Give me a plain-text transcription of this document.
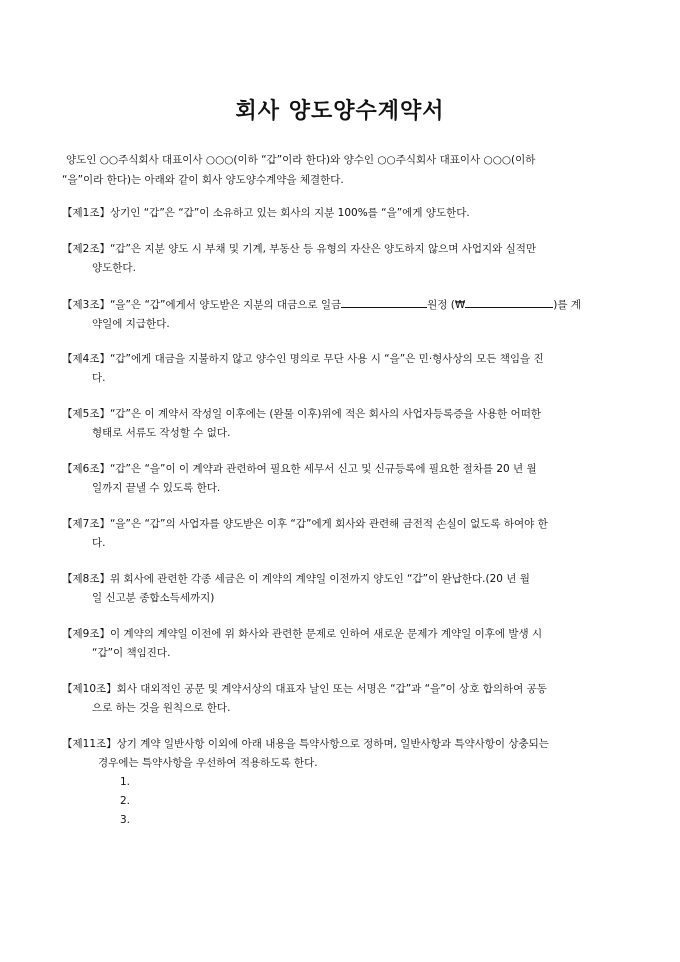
회사 양도양수계약서
양도인 ○○주식회사 대표이사 ○○○(이하 “갑”이라 한다)와 양수인 ○○주식회사 대표이사 ○○○(이하
“을”이라 한다)는 아래와 같이 회사 양도양수계약을 체결한다.
【제1조】상기인 “갑”은 “갑”이 소유하고 있는 회사의 지분 100%를 “을”에게 양도한다.
【제2조】“갑”은 지분 양도 시 부채 및 기계, 부동산 등 유형의 자산은 양도하지 않으며 사업지와 실적만
양도한다.
【제3조】“을”은 “갑”에게서 양도받은 지분의 대금으로 일금	원정 (₩	)를 계
약일에 지급한다.
【제4조】“갑”에게 대금을 지불하지 않고 양수인 명의로 무단 사용 시 “을”은 민·형사상의 모든 책임을 진
다.
【제5조】“갑”은 이 계약서 작성일 이후에는 (완물 이후)위에 적은 회사의 사업자등록증을 사용한 어떠한
형태로 서류도 작성할 수 없다.
【제6조】“갑”은 “을”이 이 계약과 관련하여 필요한 세무서 신고 및 신규등록에 필요한 절차를 20 년 월
일까지 끝낼 수 있도록 한다.
【제7조】“을”은 “갑”의 사업자를 양도받은 이후 “갑”에게 회사와 관련해 금전적 손실이 없도록 하여야 한
다.
【제8조】위 회사에 관련한 각종 세금은 이 계약의 계약일 이전까지 양도인 “갑”이 완납한다.(20 년 월
일 신고분 종합소득세까지)
【제9조】이 계약의 계약일 이전에 위 화사와 관련한 문제로 인하여 새로운 문제가 계약일 이후에 발생 시
“갑”이 책임진다.
【제10조】회사 대외적인 공문 및 계약서상의 대표자 날인 또는 서명은 “갑”과 “을”이 상호 합의하여 공동
으로 하는 것을 원칙으로 한다.
【제11조】상기 계약 일반사항 이외에 아래 내용을 특약사항으로 정하며, 일반사항과 특약사항이 상충되는
경우에는 특약사항을 우선하여 적용하도록 한다.
1.
2.
3.
